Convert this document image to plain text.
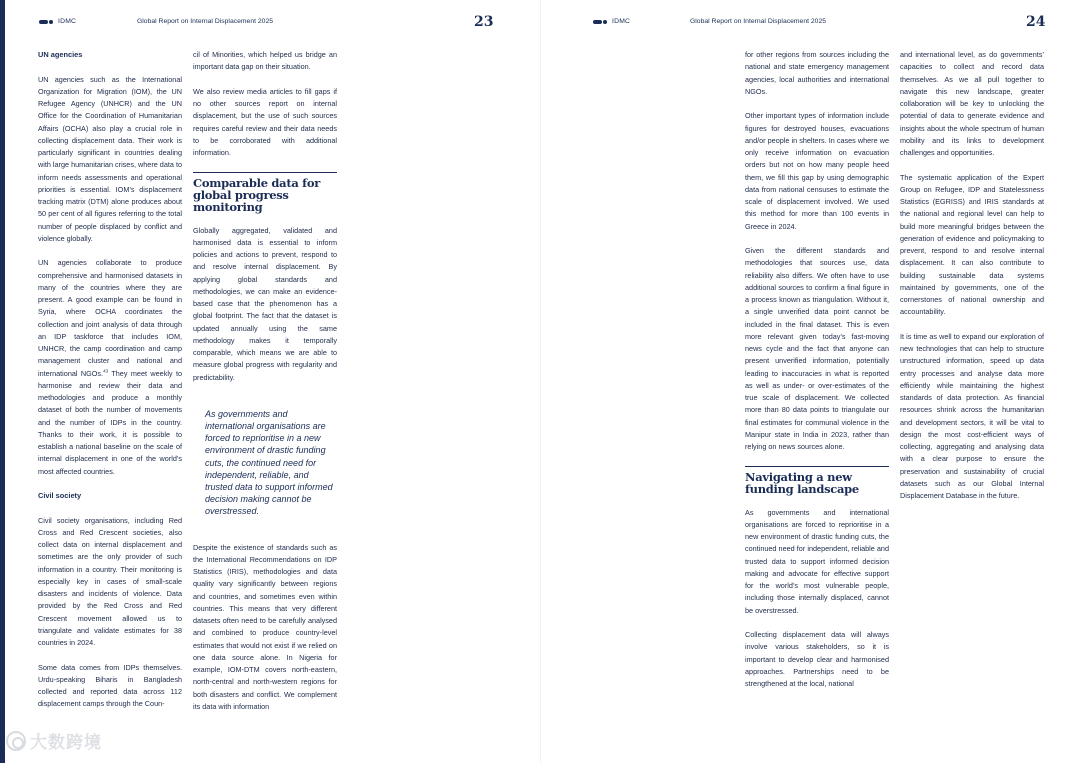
IDMC	Global Report on Internal Displacement 2025	23
UN agencies

UN agencies such as the International Organization for Migration (IOM), the UN Refugee Agency (UNHCR) and the UN Office for the Coordination of Humanitarian Affairs (OCHA) also play a crucial role in collecting displacement data. Their work is particularly significant in countries dealing with large humanitarian crises, where data to inform needs assessments and operational priorities is essential. IOM’s displacement tracking matrix (DTM) alone produces about 50 per cent of all figures referring to the total number of people displaced by conflict and violence globally.

UN agencies collaborate to produce comprehensive and harmonised datasets in many of the countries where they are present. A good example can be found in Syria, where OCHA coordinates the collection and joint analysis of data through an IDP taskforce that includes IOM, UNHCR, the camp coordination and camp management cluster and national and international NGOs.$^{43}$ They meet weekly to harmonise and review their data and methodologies and produce a monthly dataset of both the number of movements and the number of IDPs in the country. Thanks to their work, it is possible to establish a national baseline on the scale of internal displacement in one of the world’s most affected countries.

Civil society

Civil society organisations, including Red Cross and Red Crescent societies, also collect data on internal displacement and sometimes are the only provider of such information in a country. Their monitoring is especially key in cases of small-scale disasters and incidents of violence. Data provided by the Red Cross and Red Crescent movement allowed us to triangulate and validate estimates for 38 countries in 2024.

Some data comes from IDPs themselves. Urdu-speaking Biharis in Bangladesh collected and reported data across 112 displacement camps through the Coun-

cil of Minorities, which helped us bridge an important data gap on their situation.

We also review media articles to fill gaps if no other sources report on internal displacement, but the use of such sources requires careful review and their data needs to be corroborated with additional information.

Comparable data for global progress monitoring

Globally aggregated, validated and harmonised data is essential to inform policies and actions to prevent, respond to and resolve internal displacement. By applying global standards and methodologies, we can make an evidence-based case that the phenomenon has a global footprint. The fact that the dataset is updated annually using the same methodology makes it temporally comparable, which means we are able to measure global progress with regularity and predictability.

As governments and international organisations are forced to reprioritise in a new environment of drastic funding cuts, the continued need for independent, reliable, and trusted data to support informed decision making cannot be overstressed.

Despite the existence of standards such as the International Recommendations on IDP Statistics (IRIS), methodologies and data quality vary significantly between regions and countries, and sometimes even within countries. This means that very different datasets often need to be carefully analysed and combined to produce country-level estimates that would not exist if we relied on one data source alone. In Nigeria for example, IOM-DTM covers north-eastern, north-central and north-western regions for both disasters and conflict. We complement its data with information

IDMC	Global Report on Internal Displacement 2025	24

for other regions from sources including the national and state emergency management agencies, local authorities and international NGOs.

Other important types of information include figures for destroyed houses, evacuations and/or people in shelters. In cases where we only receive information on evacuation orders but not on how many people heed them, we fill this gap by using demographic data from national censuses to estimate the scale of displacement involved. We used this method for more than 100 events in Greece in 2024.

Given the different standards and methodologies that sources use, data reliability also differs. We often have to use additional sources to confirm a final figure in a process known as triangulation. Without it, a single unverified data point cannot be included in the final dataset. This is even more relevant given today’s fast-moving news cycle and the fact that anyone can present unverified information, potentially leading to inaccuracies in what is reported as well as under- or over-estimates of the true scale of displacement. We collected more than 80 data points to triangulate our final estimates for communal violence in the Manipur state in India in 2023, rather than relying on news sources alone.

Navigating a new funding landscape

As governments and international organisations are forced to reprioritise in a new environment of drastic funding cuts, the continued need for independent, reliable and trusted data to support informed decision making and advocate for effective support for the world’s most vulnerable people, including those internally displaced, cannot be overstressed.

Collecting displacement data will always involve various stakeholders, so it is important to develop clear and harmonised approaches. Partnerships need to be strengthened at the local, national

and international level, as do governments’ capacities to collect and record data themselves. As we all pull together to navigate this new landscape, greater collaboration will be key to unlocking the potential of data to generate evidence and insights about the whole spectrum of human mobility and its links to development challenges and opportunities.

The systematic application of the Expert Group on Refugee, IDP and Statelessness Statistics (EGRISS) and IRIS standards at the national and regional level can help to build more meaningful bridges between the generation of evidence and policymaking to prevent, respond to and resolve internal displacement. It can also contribute to building sustainable data systems maintained by governments, one of the cornerstones of national ownership and accountability.

It is time as well to expand our exploration of new technologies that can help to structure unstructured information, speed up data entry processes and analyse data more efficiently while maintaining the highest standards of data protection. As financial resources shrink across the humanitarian and development sectors, it will be vital to design the most cost-efficient ways of collecting, aggregating and analysing data with a clear purpose to ensure the preservation and sustainability of crucial datasets such as our Global Internal Displacement Database in the future.

大数跨境
